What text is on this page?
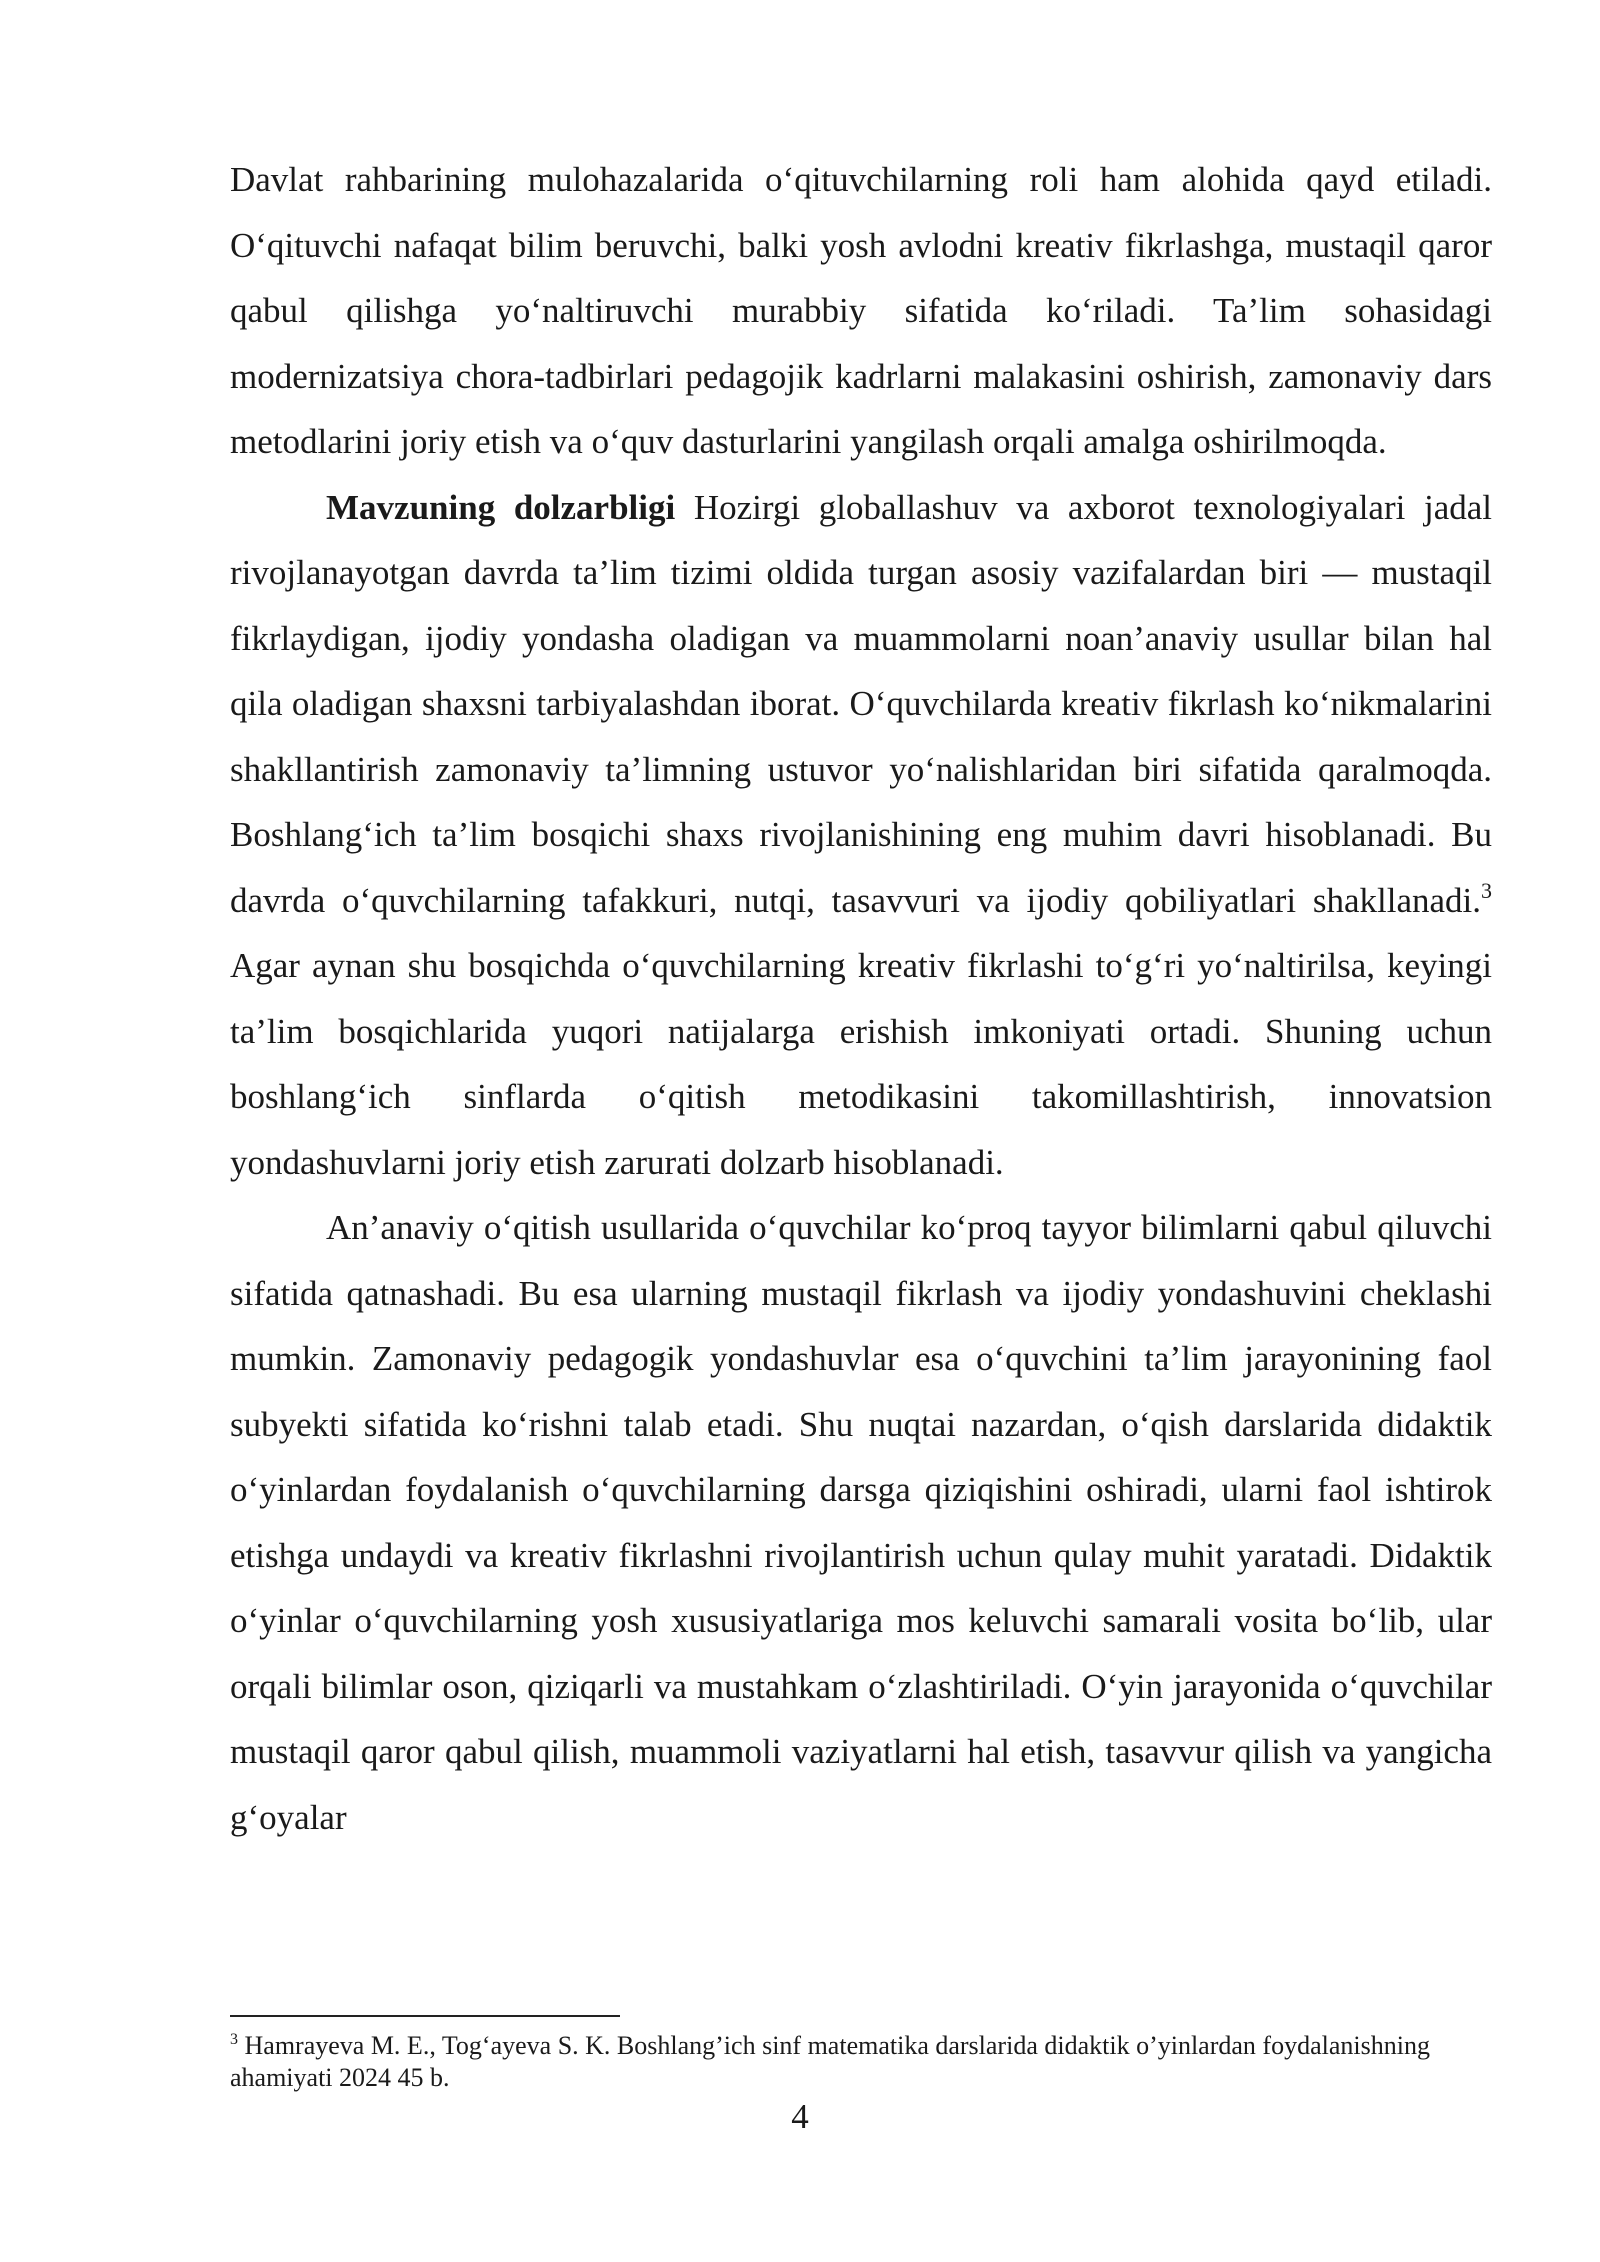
Davlat rahbarining mulohazalarida o‘qituvchilarning roli ham alohida qayd etiladi. O‘qituvchi nafaqat bilim beruvchi, balki yosh avlodni kreativ fikrlashga, mustaqil qaror qabul qilishga yo‘naltiruvchi murabbiy sifatida ko‘riladi. Ta’lim sohasidagi modernizatsiya chora-tadbirlari pedagojik kadrlarni malakasini oshirish, zamonaviy dars metodlarini joriy etish va o‘quv dasturlarini yangilash orqali amalga oshirilmoqda.

Mavzuning dolzarbligi Hozirgi globallashuv va axborot texnologiyalari jadal rivojlanayotgan davrda ta’lim tizimi oldida turgan asosiy vazifalardan biri — mustaqil fikrlaydigan, ijodiy yondasha oladigan va muammolarni noan’anaviy usullar bilan hal qila oladigan shaxsni tarbiyalashdan iborat. O‘quvchilarda kreativ fikrlash ko‘nikmalarini shakllantirish zamonaviy ta’limning ustuvor yo‘nalishlaridan biri sifatida qaralmoqda. Boshlang‘ich ta’lim bosqichi shaxs rivojlanishining eng muhim davri hisoblanadi. Bu davrda o‘quvchilarning tafakkuri, nutqi, tasavvuri va ijodiy qobiliyatlari shakllanadi.$^3$ Agar aynan shu bosqichda o‘quvchilarning kreativ fikrlashi to‘g‘ri yo‘naltirilsa, keyingi ta’lim bosqichlarida yuqori natijalarga erishish imkoniyati ortadi. Shuning uchun boshlang‘ich sinflarda o‘qitish metodikasini takomillashtirish, innovatsion yondashuvlarni joriy etish zarurati dolzarb hisoblanadi.

An’anaviy o‘qitish usullarida o‘quvchilar ko‘proq tayyor bilimlarni qabul qiluvchi sifatida qatnashadi. Bu esa ularning mustaqil fikrlash va ijodiy yondashuvini cheklashi mumkin. Zamonaviy pedagogik yondashuvlar esa o‘quvchini ta’lim jarayonining faol subyekti sifatida ko‘rishni talab etadi. Shu nuqtai nazardan, o‘qish darslarida didaktik o‘yinlardan foydalanish o‘quvchilarning darsga qiziqishini oshiradi, ularni faol ishtirok etishga undaydi va kreativ fikrlashni rivojlantirish uchun qulay muhit yaratadi. Didaktik o‘yinlar o‘quvchilarning yosh xususiyatlariga mos keluvchi samarali vosita bo‘lib, ular orqali bilimlar oson, qiziqarli va mustahkam o‘zlashtiriladi. O‘yin jarayonida o‘quvchilar mustaqil qaror qabul qilish, muammoli vaziyatlarni hal etish, tasavvur qilish va yangicha g‘oyalar

$^3$ Hamrayeva M. E., Tog‘ayeva S. K. Boshlang’ich sinf matematika darslarida didaktik o’yinlardan foydalanishning ahamiyati 2024 45 b.
4
